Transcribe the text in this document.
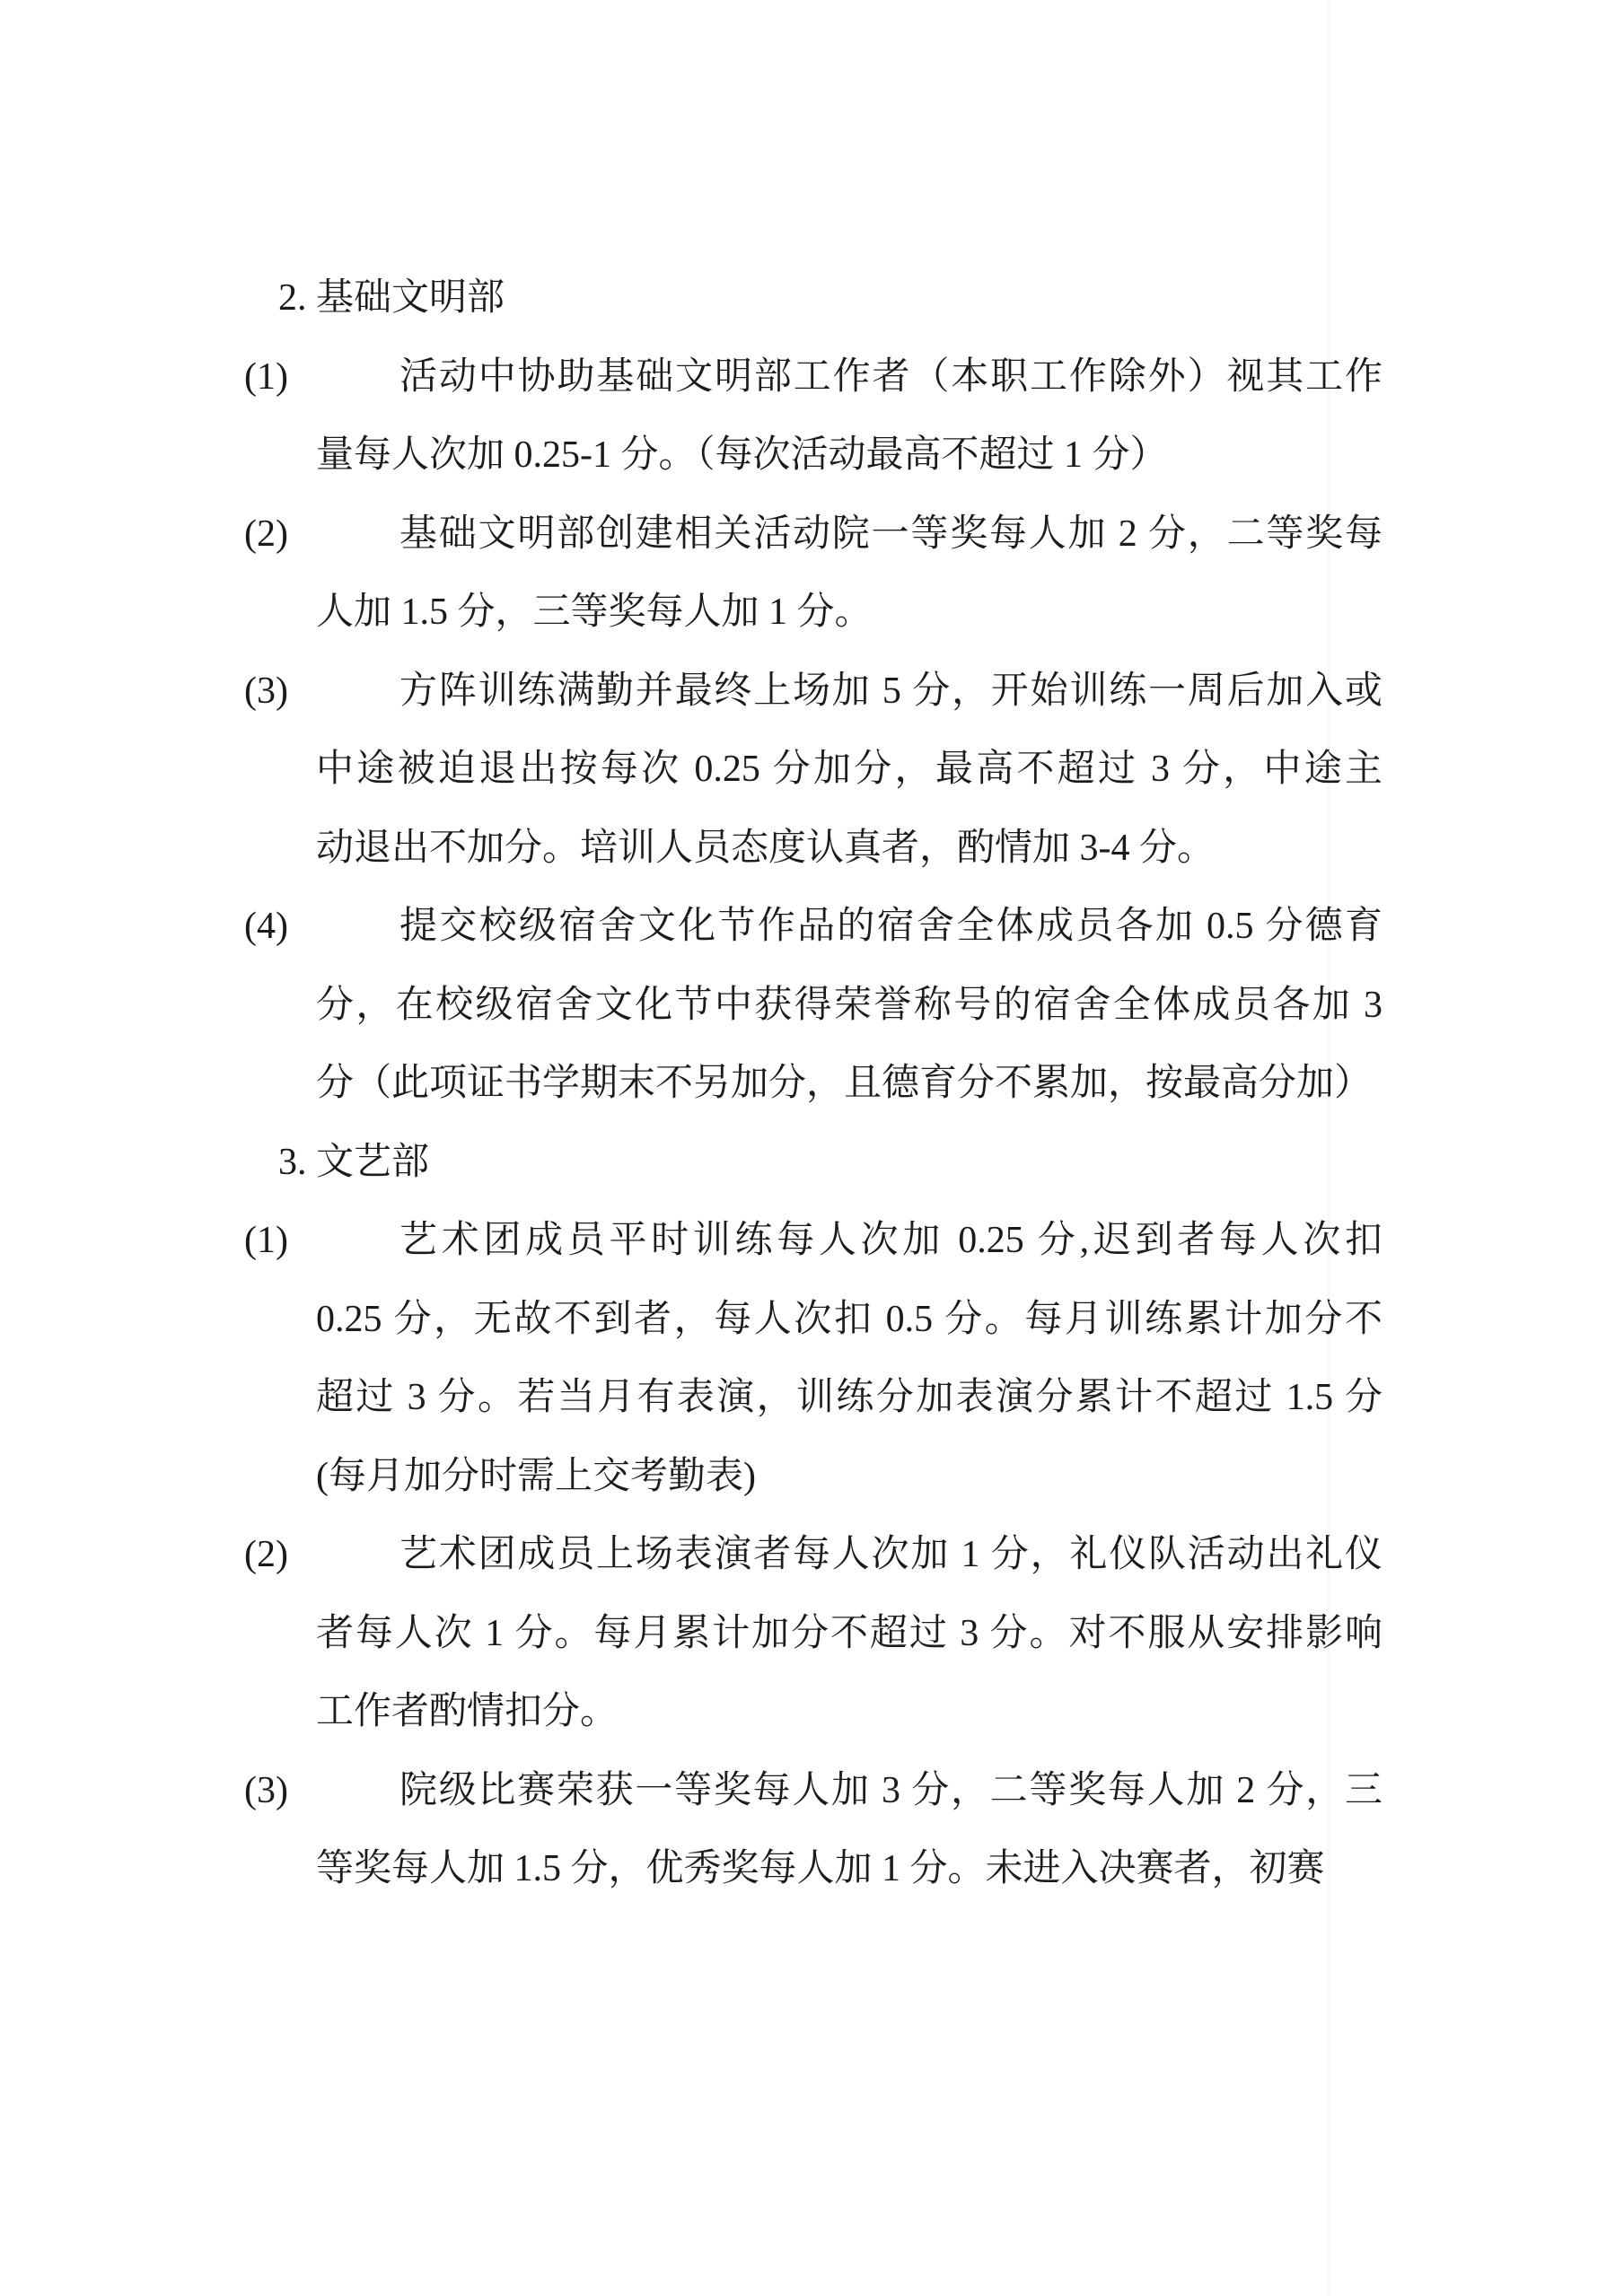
2. 基础文明部
(1)	活动中协助基础文明部工作者（本职工作除外）视其工作
量每人次加 0.25-1 分。（每次活动最高不超过 1 分）
(2)	基础文明部创建相关活动院一等奖每人加 2 分，二等奖每
人加 1.5 分，三等奖每人加 1 分。
(3)	方阵训练满勤并最终上场加 5 分，开始训练一周后加入或
中途被迫退出按每次 0.25 分加分，最高不超过 3 分，中途主
动退出不加分。培训人员态度认真者，酌情加 3-4 分。
(4)	提交校级宿舍文化节作品的宿舍全体成员各加 0.5 分德育
分，在校级宿舍文化节中获得荣誉称号的宿舍全体成员各加 3
分（此项证书学期末不另加分，且德育分不累加，按最高分加）
3. 文艺部
(1)	艺术团成员平时训练每人次加 0.25 分,迟到者每人次扣
0.25 分，无故不到者，每人次扣 0.5 分。每月训练累计加分不
超过 3 分。若当月有表演，训练分加表演分累计不超过 1.5 分
(每月加分时需上交考勤表)
(2)	艺术团成员上场表演者每人次加 1 分，礼仪队活动出礼仪
者每人次 1 分。每月累计加分不超过 3 分。对不服从安排影响
工作者酌情扣分。
(3)	院级比赛荣获一等奖每人加 3 分，二等奖每人加 2 分，三
等奖每人加 1.5 分，优秀奖每人加 1 分。未进入决赛者，初赛
